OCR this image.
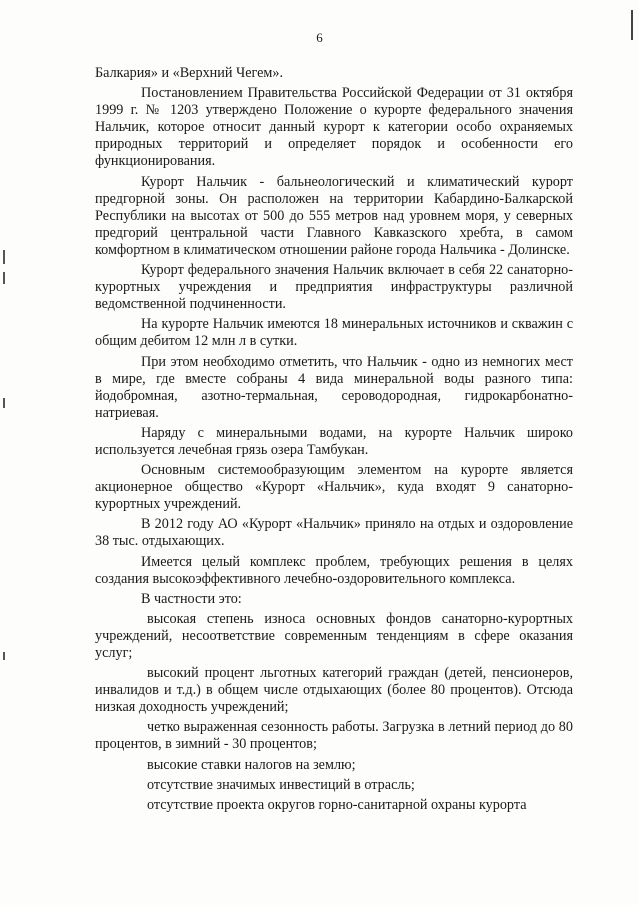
6

Балкария» и «Верхний Чегем».

Постановлением Правительства Российской Федерации от 31 октября 1999 г. № 1203 утверждено Положение о курорте федерального значения Нальчик, которое относит данный курорт к категории особо охраняемых природных территорий и определяет порядок и особенности его функционирования.

Курорт Нальчик - бальнеологический и климатический курорт предгорной зоны. Он расположен на территории Кабардино-Балкарской Республики на высотах от 500 до 555 метров над уровнем моря, у северных предгорий центральной части Главного Кавказского хребта, в самом комфортном в климатическом отношении районе города Нальчика - Долинске.

Курорт федерального значения Нальчик включает в себя 22 санаторно-курортных учреждения и предприятия инфраструктуры различной ведомственной подчиненности.

На курорте Нальчик имеются 18 минеральных источников и скважин с общим дебитом 12 млн л в сутки.

При этом необходимо отметить, что Нальчик - одно из немногих мест в мире, где вместе собраны 4 вида минеральной воды разного типа: йодобромная, азотно-термальная, сероводородная, гидрокарбонатно-натриевая.

Наряду с минеральными водами, на курорте Нальчик широко используется лечебная грязь озера Тамбукан.

Основным системообразующим элементом на курорте является акционерное общество «Курорт «Нальчик», куда входят 9 санаторно-курортных учреждений.

В 2012 году АО «Курорт «Нальчик» приняло на отдых и оздоровление 38 тыс. отдыхающих.

Имеется целый комплекс проблем, требующих решения в целях создания высокоэффективного лечебно-оздоровительного комплекса.

В частности это:

высокая степень износа основных фондов санаторно-курортных учреждений, несоответствие современным тенденциям в сфере оказания услуг;

высокий процент льготных категорий граждан (детей, пенсионеров, инвалидов и т.д.) в общем числе отдыхающих (более 80 процентов). Отсюда низкая доходность учреждений;

четко выраженная сезонность работы. Загрузка в летний период до 80 процентов, в зимний - 30 процентов;

высокие ставки налогов на землю;

отсутствие значимых инвестиций в отрасль;

отсутствие проекта округов горно-санитарной охраны курорта
